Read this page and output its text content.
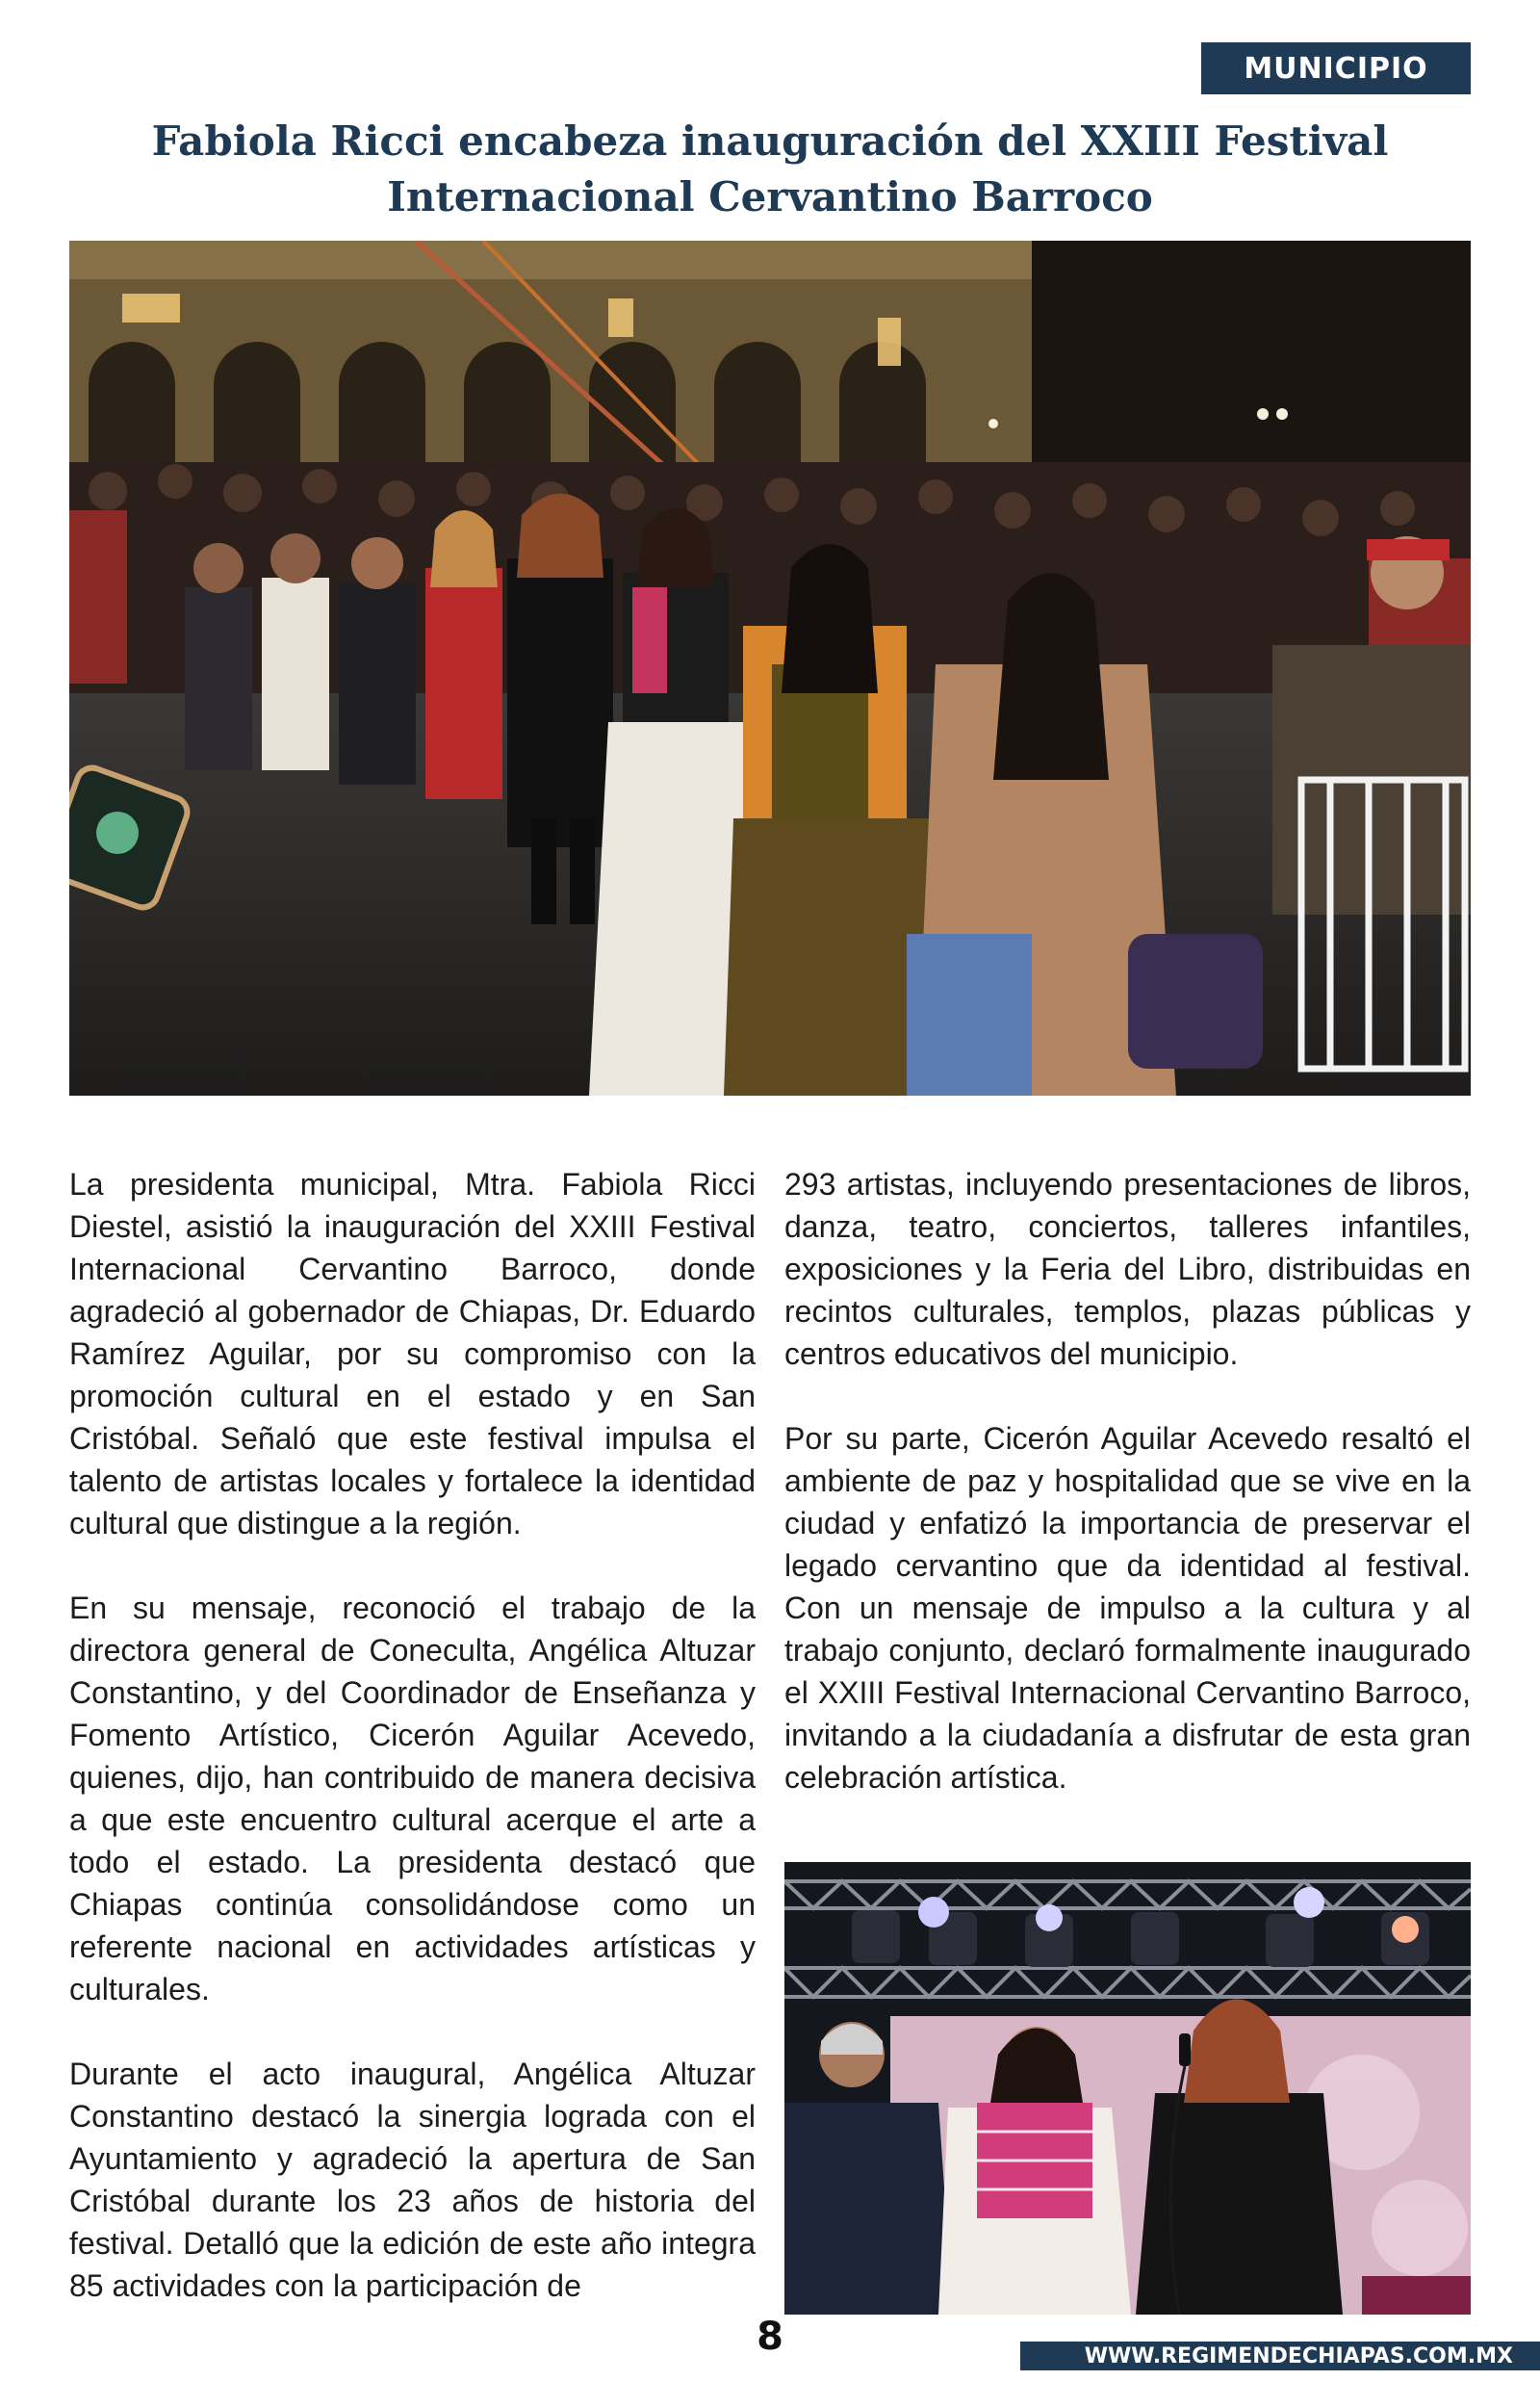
MUNICIPIO
Fabiola Ricci encabeza inauguración del XXIII Festival
Internacional Cervantino Barroco

La presidenta municipal, Mtra. Fabiola Ricci Diestel, asistió la inauguración del XXIII Festival Internacional Cervantino Barroco, donde agradeció al gobernador de Chiapas, Dr. Eduardo Ramírez Aguilar, por su compromiso con la promoción cultural en el estado y en San Cristóbal. Señaló que este festival impulsa el talento de artistas locales y fortalece la identidad cultural que distingue a la región.

En su mensaje, reconoció el trabajo de la directora general de Coneculta, Angélica Altuzar Constantino, y del Coordinador de Enseñanza y Fomento Artístico, Cicerón Aguilar Acevedo, quienes, dijo, han contribuido de manera decisiva a que este encuentro cultural acerque el arte a todo el estado. La presidenta destacó que Chiapas continúa consolidándose como un referente nacional en actividades artísticas y culturales.

Durante el acto inaugural, Angélica Altuzar Constantino destacó la sinergia lograda con el Ayuntamiento y agradeció la apertura de San Cristóbal durante los 23 años de historia del festival. Detalló que la edición de este año integra 85 actividades con la participación de

293 artistas, incluyendo presentaciones de libros, danza, teatro, conciertos, talleres infantiles, exposiciones y la Feria del Libro, distribuidas en recintos culturales, templos, plazas públicas y centros educativos del municipio.

Por su parte, Cicerón Aguilar Acevedo resaltó el ambiente de paz y hospitalidad que se vive en la ciudad y enfatizó la importancia de preservar el legado cervantino que da identidad al festival. Con un mensaje de impulso a la cultura y al trabajo conjunto, declaró formalmente inaugurado el XXIII Festival Internacional Cervantino Barroco, invitando a la ciudadanía a disfrutar de esta gran celebración artística.

8	WWW.REGIMENDECHIAPAS.COM.MX
